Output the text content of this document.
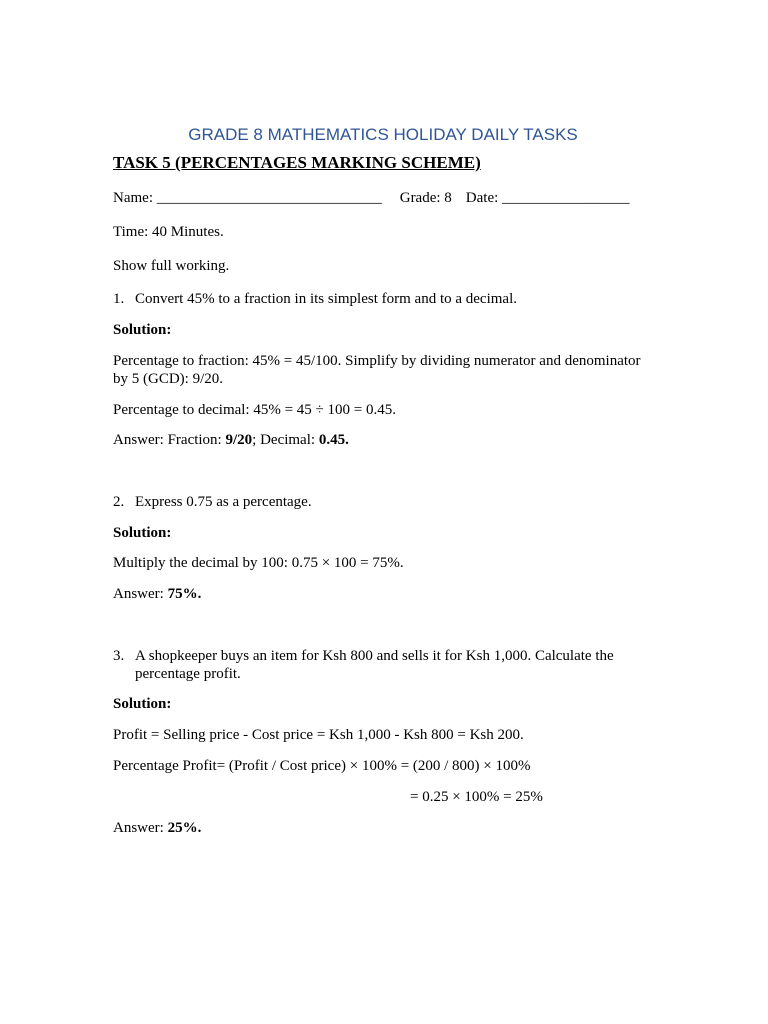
GRADE 8 MATHEMATICS HOLIDAY DAILY TASKS
TASK 5 (PERCENTAGES MARKING SCHEME)
Name: ______________________________ Grade: 8 Date: _________________
Time: 40 Minutes.
Show full working.
1. Convert 45% to a fraction in its simplest form and to a decimal.
Solution:
Percentage to fraction: 45% = 45/100. Simplify by dividing numerator and denominator by 5 (GCD): 9/20.
Percentage to decimal: 45% = 45 ÷ 100 = 0.45.
Answer: Fraction: 9/20; Decimal: 0.45.
2. Express 0.75 as a percentage.
Solution:
Multiply the decimal by 100: 0.75 × 100 = 75%.
Answer: 75%.
3. A shopkeeper buys an item for Ksh 800 and sells it for Ksh 1,000. Calculate the percentage profit.
Solution:
Profit = Selling price - Cost price = Ksh 1,000 - Ksh 800 = Ksh 200.
Percentage Profit= (Profit / Cost price) × 100% = (200 / 800) × 100%
= 0.25 × 100% = 25%
Answer: 25%.
